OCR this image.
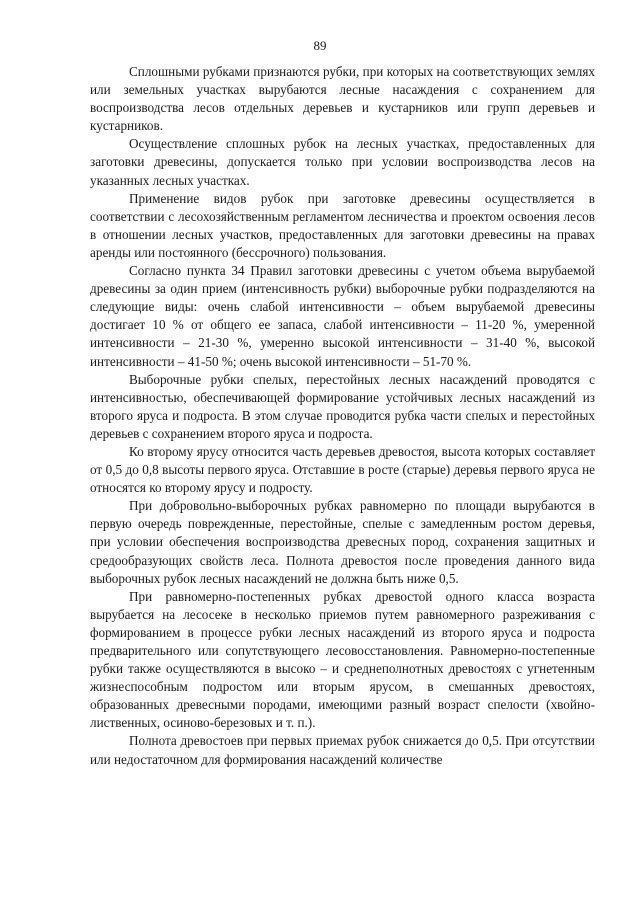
89

Сплошными рубками признаются рубки, при которых на соответствующих землях или земельных участках вырубаются лесные насаждения с сохранением для воспроизводства лесов отдельных деревьев и кустарников или групп деревьев и кустарников.

Осуществление сплошных рубок на лесных участках, предоставленных для заготовки древесины, допускается только при условии воспроизводства лесов на указанных лесных участках.

Применение видов рубок при заготовке древесины осуществляется в соответствии с лесохозяйственным регламентом лесничества и проектом освоения лесов в отношении лесных участков, предоставленных для заготовки древесины на правах аренды или постоянного (бессрочного) пользования.

Согласно пункта 34 Правил заготовки древесины с учетом объема вырубаемой древесины за один прием (интенсивность рубки) выборочные рубки подразделяются на следующие виды: очень слабой интенсивности – объем вырубаемой древесины достигает 10 % от общего ее запаса, слабой интенсивности – 11-20 %, умеренной интенсивности – 21-30 %, умеренно высокой интенсивности – 31-40 %, высокой интенсивности – 41-50 %; очень высокой интенсивности – 51-70 %.

Выборочные рубки спелых, перестойных лесных насаждений проводятся с интенсивностью, обеспечивающей формирование устойчивых лесных насаждений из второго яруса и подроста. В этом случае проводится рубка части спелых и перестойных деревьев с сохранением второго яруса и подроста.

Ко второму ярусу относится часть деревьев древостоя, высота которых составляет от 0,5 до 0,8 высоты первого яруса. Отставшие в росте (старые) деревья первого яруса не относятся ко второму ярусу и подросту.

При добровольно-выборочных рубках равномерно по площади вырубаются в первую очередь поврежденные, перестойные, спелые с замедленным ростом деревья, при условии обеспечения воспроизводства древесных пород, сохранения защитных и средообразующих свойств леса. Полнота древостоя после проведения данного вида выборочных рубок лесных насаждений не должна быть ниже 0,5.

При равномерно-постепенных рубках древостой одного класса возраста вырубается на лесосеке в несколько приемов путем равномерного разреживания с формированием в процессе рубки лесных насаждений из второго яруса и подроста предварительного или сопутствующего лесовосстановления. Равномерно-постепенные рубки также осуществляются в высоко – и среднеполнотных древостоях с угнетенным жизнеспособным подростом или вторым ярусом, в смешанных древостоях, образованных древесными породами, имеющими разный возраст спелости (хвойно-лиственных, осиново-березовых и т. п.).

Полнота древостоев при первых приемах рубок снижается до 0,5. При отсутствии или недостаточном для формирования насаждений количестве
